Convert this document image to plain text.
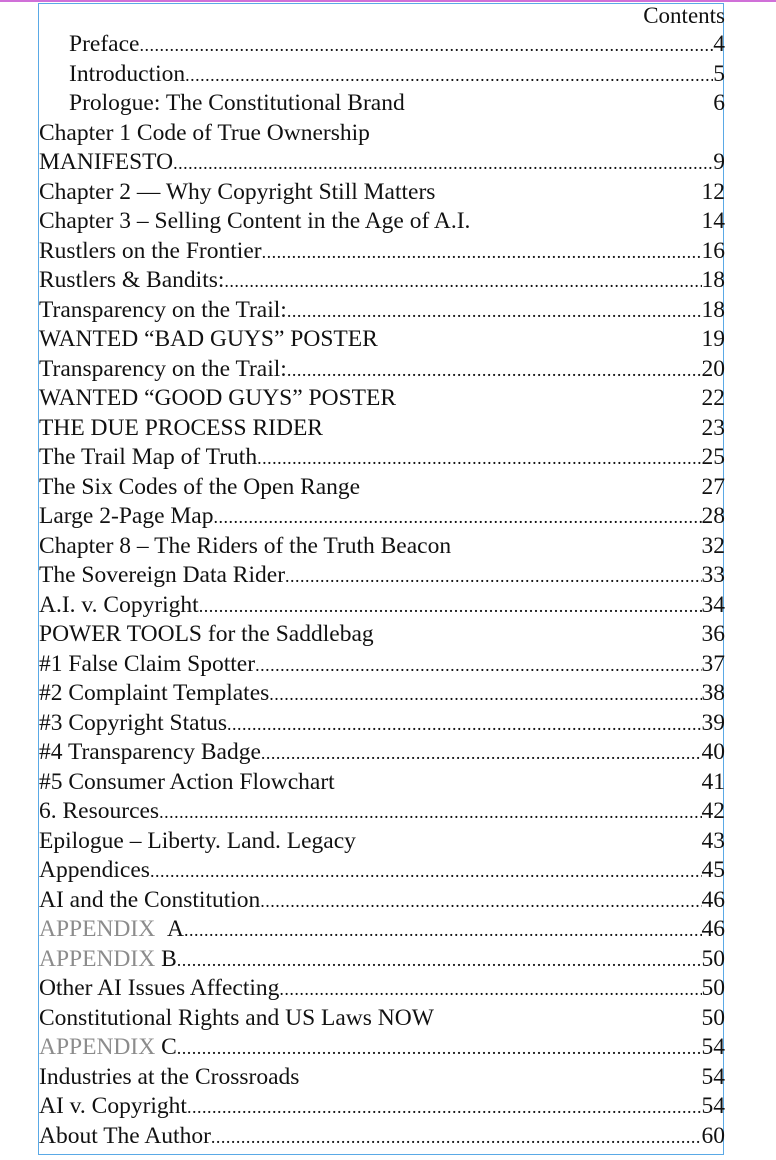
Contents
Preface .....	4
Introduction .....	5
Prologue: The Constitutional Brand	6
Chapter 1 Code of True Ownership
MANIFESTO .....	9
Chapter 2 — Why Copyright Still Matters	12
Chapter 3 – Selling Content in the Age of A.I.	14
Rustlers on the Frontier .....	16
Rustlers & Bandits: .....	18
Transparency on the Trail: .....	18
WANTED “BAD GUYS” POSTER	19
Transparency on the Trail: .....	20
WANTED “GOOD GUYS” POSTER	22
THE DUE PROCESS RIDER	23
The Trail Map of Truth .....	25
The Six Codes of the Open Range	27
Large 2-Page Map .....	28
Chapter 8 – The Riders of the Truth Beacon	32
The Sovereign Data Rider .....	33
A.I. v. Copyright .....	34
POWER TOOLS for the Saddlebag	36
#1 False Claim Spotter .....	37
#2 Complaint Templates .....	38
#3 Copyright Status .....	39
#4 Transparency Badge .....	40
#5 Consumer Action Flowchart	41
6. Resources .....	42
Epilogue – Liberty. Land. Legacy	43
Appendices .....	45
AI and the Constitution .....	46
APPENDIX A .....	46
APPENDIX B .....	50
Other AI Issues Affecting .....	50
Constitutional Rights and US Laws NOW	50
APPENDIX C .....	54
Industries at the Crossroads	54
AI v. Copyright .....	54
About The Author .....	60
